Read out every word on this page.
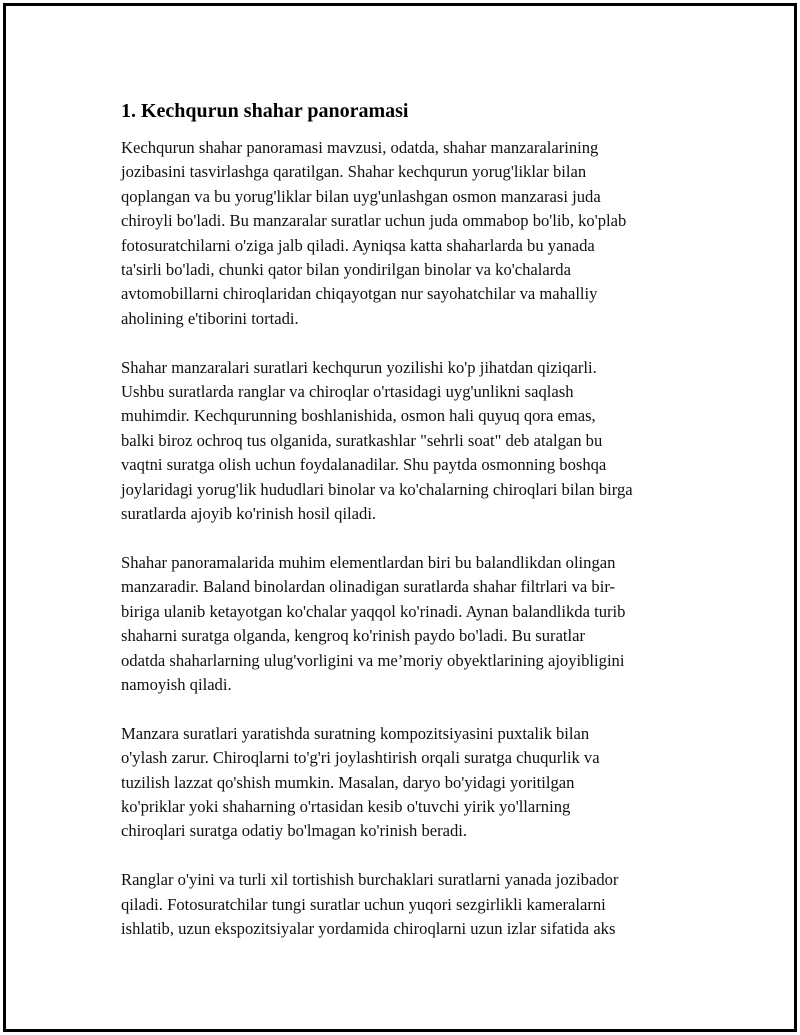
1. Kechqurun shahar panoramasi

Kechqurun shahar panoramasi mavzusi, odatda, shahar manzaralarining
jozibasini tasvirlashga qaratilgan. Shahar kechqurun yorug'liklar bilan
qoplangan va bu yorug'liklar bilan uyg'unlashgan osmon manzarasi juda
chiroyli bo'ladi. Bu manzaralar suratlar uchun juda ommabop bo'lib, ko'plab
fotosuratchilarni o'ziga jalb qiladi. Ayniqsa katta shaharlarda bu yanada
ta'sirli bo'ladi, chunki qator bilan yondirilgan binolar va ko'chalarda
avtomobillarni chiroqlaridan chiqayotgan nur sayohatchilar va mahalliy
aholining e'tiborini tortadi.

Shahar manzaralari suratlari kechqurun yozilishi ko'p jihatdan qiziqarli.
Ushbu suratlarda ranglar va chiroqlar o'rtasidagi uyg'unlikni saqlash
muhimdir. Kechqurunning boshlanishida, osmon hali quyuq qora emas,
balki biroz ochroq tus olganida, suratkashlar "sehrli soat" deb atalgan bu
vaqtni suratga olish uchun foydalanadilar. Shu paytda osmonning boshqa
joylaridagi yorug'lik hududlari binolar va ko'chalarning chiroqlari bilan birga
suratlarda ajoyib ko'rinish hosil qiladi.

Shahar panoramalarida muhim elementlardan biri bu balandlikdan olingan
manzaradir. Baland binolardan olinadigan suratlarda shahar filtrlari va bir-
biriga ulanib ketayotgan ko'chalar yaqqol ko'rinadi. Aynan balandlikda turib
shaharni suratga olganda, kengroq ko'rinish paydo bo'ladi. Bu suratlar
odatda shaharlarning ulug'vorligini va me’moriy obyektlarining ajoyibligini
namoyish qiladi.

Manzara suratlari yaratishda suratning kompozitsiyasini puxtalik bilan
o'ylash zarur. Chiroqlarni to'g'ri joylashtirish orqali suratga chuqurlik va
tuzilish lazzat qo'shish mumkin. Masalan, daryo bo'yidagi yoritilgan
ko'priklar yoki shaharning o'rtasidan kesib o'tuvchi yirik yo'llarning
chiroqlari suratga odatiy bo'lmagan ko'rinish beradi.

Ranglar o'yini va turli xil tortishish burchaklari suratlarni yanada jozibador
qiladi. Fotosuratchilar tungi suratlar uchun yuqori sezgirlikli kameralarni
ishlatib, uzun ekspozitsiyalar yordamida chiroqlarni uzun izlar sifatida aks
